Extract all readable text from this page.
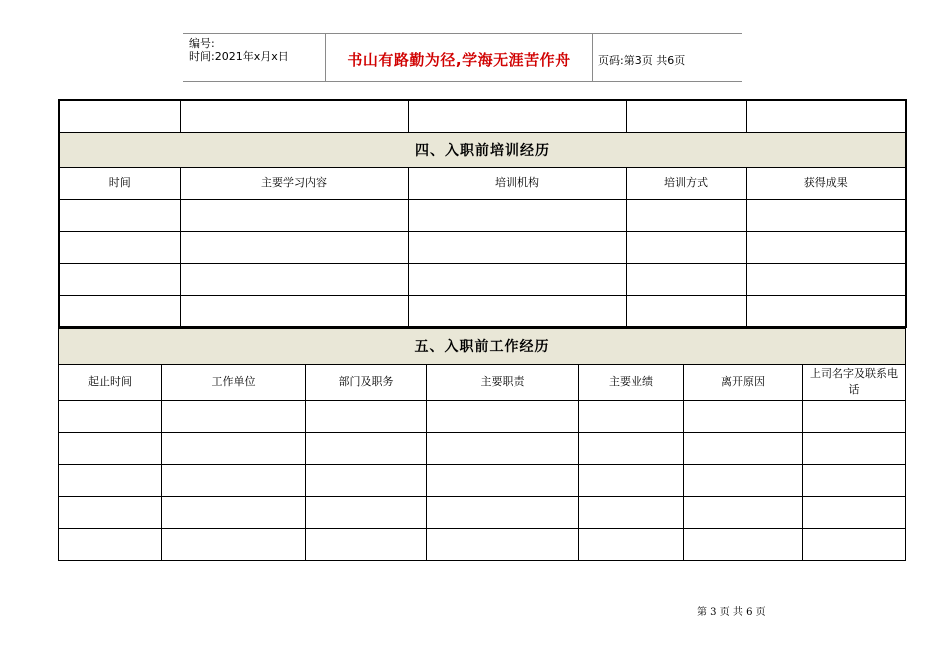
编号:
时间:2021年x月x日	书山有路勤为径,学海无涯苦作舟	页码:第3页 共6页

四、入职前培训经历				
时间	主要学习内容	培训机构	培训方式	获得成果

五、入职前工作经历						
起止时间	工作单位	部门及职务	主要职责	主要业绩	离开原因	上司名字及联系电话

第 3 页 共 6 页
